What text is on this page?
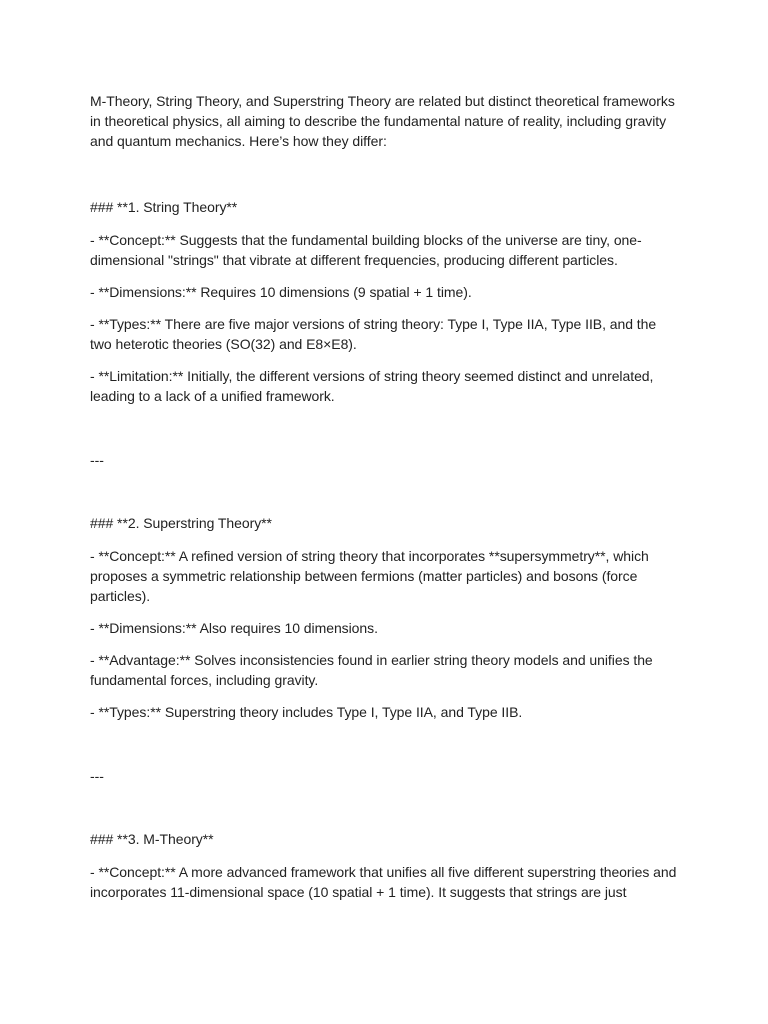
M-Theory, String Theory, and Superstring Theory are related but distinct theoretical frameworks in theoretical physics, all aiming to describe the fundamental nature of reality, including gravity and quantum mechanics. Here’s how they differ:

### **1. String Theory**

- **Concept:** Suggests that the fundamental building blocks of the universe are tiny, one-dimensional "strings" that vibrate at different frequencies, producing different particles.

- **Dimensions:** Requires 10 dimensions (9 spatial + 1 time).

- **Types:** There are five major versions of string theory: Type I, Type IIA, Type IIB, and the two heterotic theories (SO(32) and E8×E8).

- **Limitation:** Initially, the different versions of string theory seemed distinct and unrelated, leading to a lack of a unified framework.

---

### **2. Superstring Theory**

- **Concept:** A refined version of string theory that incorporates **supersymmetry**, which proposes a symmetric relationship between fermions (matter particles) and bosons (force particles).

- **Dimensions:** Also requires 10 dimensions.

- **Advantage:** Solves inconsistencies found in earlier string theory models and unifies the fundamental forces, including gravity.

- **Types:** Superstring theory includes Type I, Type IIA, and Type IIB.

---

### **3. M-Theory**

- **Concept:** A more advanced framework that unifies all five different superstring theories and incorporates 11-dimensional space (10 spatial + 1 time). It suggests that strings are just
